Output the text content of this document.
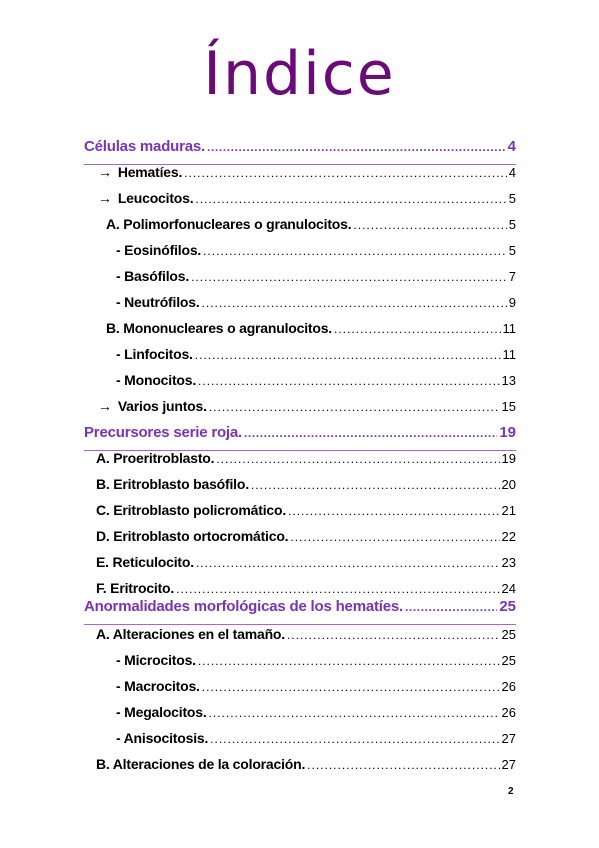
Índice
Células maduras. .....	4
→ Hematíes. .....	4
→ Leucocitos. .....	5
A. Polimorfonucleares o granulocitos. .....	5
- Eosinófilos. .....	5
- Basófilos. .....	7
- Neutrófilos. .....	9
B. Mononucleares o agranulocitos. .....	11
- Linfocitos. .....	11
- Monocitos. .....	13
→ Varios juntos. .....	15
Precursores serie roja. .....	19
A. Proeritroblasto. .....	19
B. Eritroblasto basófilo. .....	20
C. Eritroblasto policromático. .....	21
D. Eritroblasto ortocromático. .....	22
E. Reticulocito. .....	23
F. Eritrocito. .....	24
Anormalidades morfológicas de los hematíes. .....	25
A. Alteraciones en el tamaño. .....	25
- Microcitos. .....	25
- Macrocitos. .....	26
- Megalocitos. .....	26
- Anisocitosis. .....	27
B. Alteraciones de la coloración. .....	27
2
